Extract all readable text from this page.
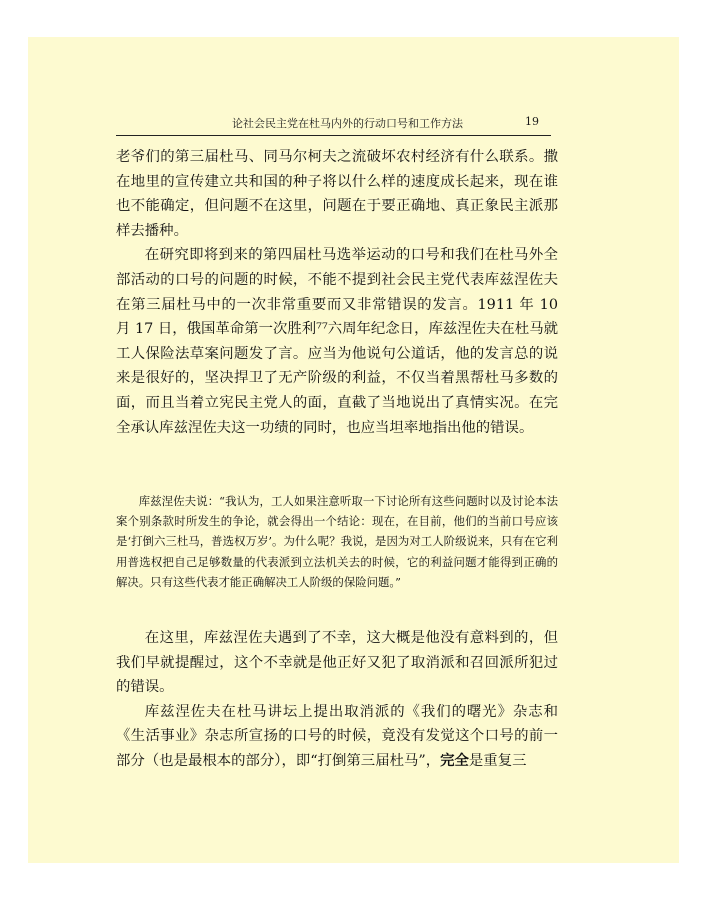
论社会民主党在杜马内外的行动口号和工作方法	19

老爷们的第三届杜马、同马尔柯夫之流破坏农村经济有什么联系。撒在地里的宣传建立共和国的种子将以什么样的速度成长起来，现在谁也不能确定，但问题不在这里，问题在于要正确地、真正象民主派那样去播种。

在研究即将到来的第四届杜马选举运动的口号和我们在杜马外全部活动的口号的问题的时候，不能不提到社会民主党代表库兹涅佐夫在第三届杜马中的一次非常重要而又非常错误的发言。1911 年 10 月 17 日，俄国革命第一次胜利⁷⁷六周年纪念日，库兹涅佐夫在杜马就工人保险法草案问题发了言。应当为他说句公道话，他的发言总的说来是很好的，坚决捍卫了无产阶级的利益，不仅当着黑帮杜马多数的面，而且当着立宪民主党人的面，直截了当地说出了真情实况。在完全承认库兹涅佐夫这一功绩的同时，也应当坦率地指出他的错误。

库兹涅佐夫说：“我认为，工人如果注意听取一下讨论所有这些问题时以及讨论本法案个别条款时所发生的争论，就会得出一个结论：现在，在目前，他们的当前口号应该是‘打倒六三杜马，普选权万岁’。为什么呢？我说，是因为对工人阶级说来，只有在它利用普选权把自己足够数量的代表派到立法机关去的时候，它的利益问题才能得到正确的解决。只有这些代表才能正确解决工人阶级的保险问题。”

在这里，库兹涅佐夫遇到了不幸，这大概是他没有意料到的，但我们早就提醒过，这个不幸就是他正好又犯了取消派和召回派所犯过的错误。

库兹涅佐夫在杜马讲坛上提出取消派的《我们的曙光》杂志和《生活事业》杂志所宣扬的口号的时候，竟没有发觉这个口号的前一部分（也是最根本的部分），即“打倒第三届杜马”，完全是重复三
